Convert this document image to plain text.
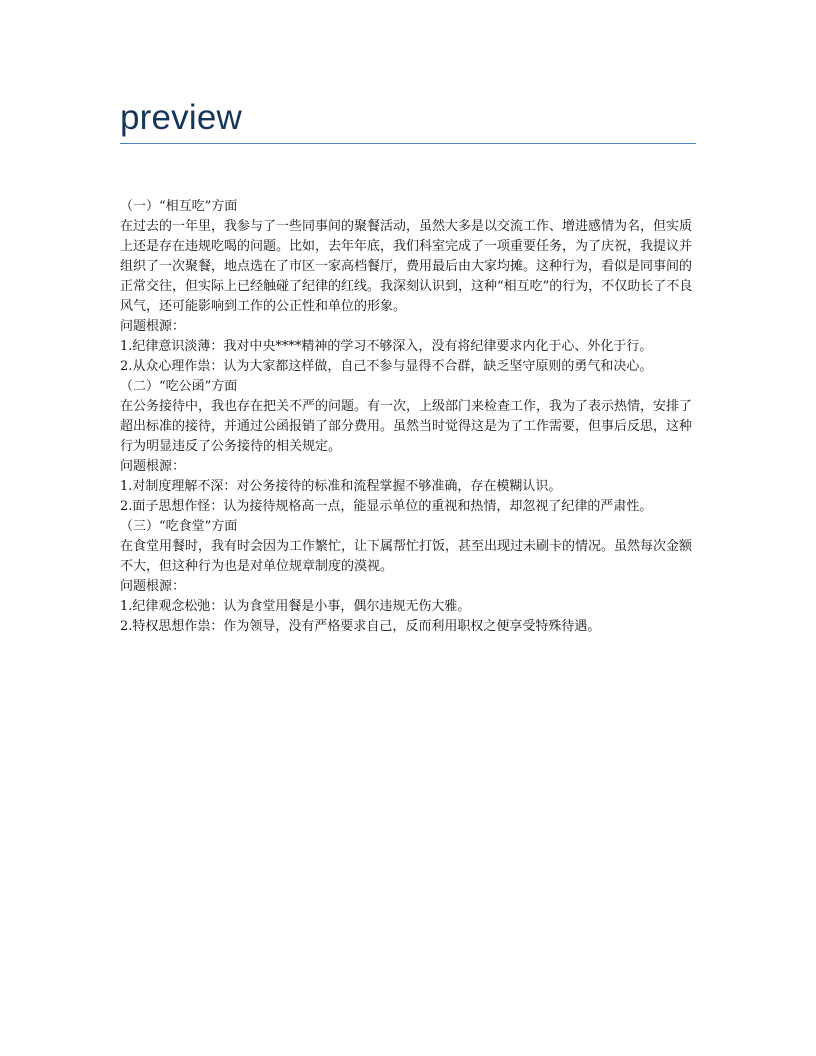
preview

（一）“相互吃”方面

在过去的一年里，我参与了一些同事间的聚餐活动，虽然大多是以交流工作、增进感情为名，但实质上还是存在违规吃喝的问题。比如，去年年底，我们科室完成了一项重要任务，为了庆祝，我提议并组织了一次聚餐，地点选在了市区一家高档餐厅，费用最后由大家均摊。这种行为，看似是同事间的正常交往，但实际上已经触碰了纪律的红线。我深刻认识到，这种“相互吃”的行为，不仅助长了不良风气，还可能影响到工作的公正性和单位的形象。

问题根源：

1.纪律意识淡薄：我对中央****精神的学习不够深入，没有将纪律要求内化于心、外化于行。

2.从众心理作祟：认为大家都这样做，自己不参与显得不合群，缺乏坚守原则的勇气和决心。

（二）“吃公函”方面

在公务接待中，我也存在把关不严的问题。有一次，上级部门来检查工作，我为了表示热情，安排了超出标准的接待，并通过公函报销了部分费用。虽然当时觉得这是为了工作需要，但事后反思，这种行为明显违反了公务接待的相关规定。

问题根源：

1.对制度理解不深：对公务接待的标准和流程掌握不够准确，存在模糊认识。

2.面子思想作怪：认为接待规格高一点，能显示单位的重视和热情，却忽视了纪律的严肃性。

（三）“吃食堂”方面

在食堂用餐时，我有时会因为工作繁忙，让下属帮忙打饭，甚至出现过未刷卡的情况。虽然每次金额不大，但这种行为也是对单位规章制度的漠视。

问题根源：

1.纪律观念松弛：认为食堂用餐是小事，偶尔违规无伤大雅。

2.特权思想作祟：作为领导，没有严格要求自己，反而利用职权之便享受特殊待遇。
